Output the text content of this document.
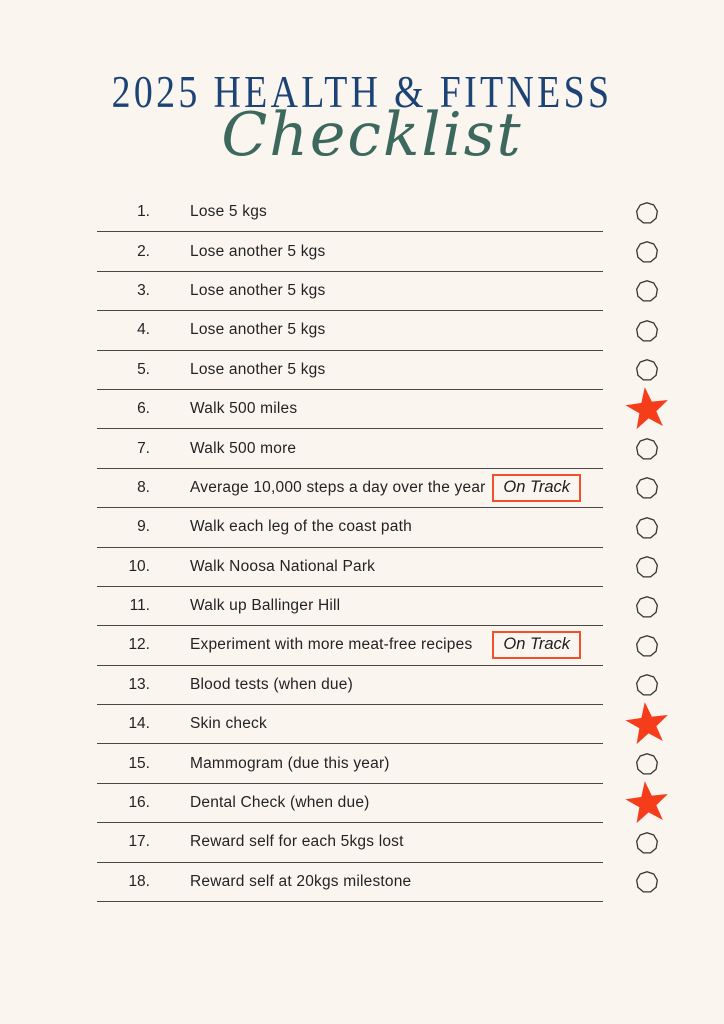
2025 HEALTH & FITNESS
Checklist
1.	Lose 5 kgs
2.	Lose another 5 kgs
3.	Lose another 5 kgs
4.	Lose another 5 kgs
5.	Lose another 5 kgs
6.	Walk 500 miles
7.	Walk 500 more
8.	Average 10,000 steps a day over the year	On Track
9.	Walk each leg of the coast path
10.	Walk Noosa National Park
11.	Walk up Ballinger Hill
12.	Experiment with more meat-free recipes	On Track
13.	Blood tests (when due)
14.	Skin check
15.	Mammogram (due this year)
16.	Dental Check (when due)
17.	Reward self for each 5kgs lost
18.	Reward self at 20kgs milestone
